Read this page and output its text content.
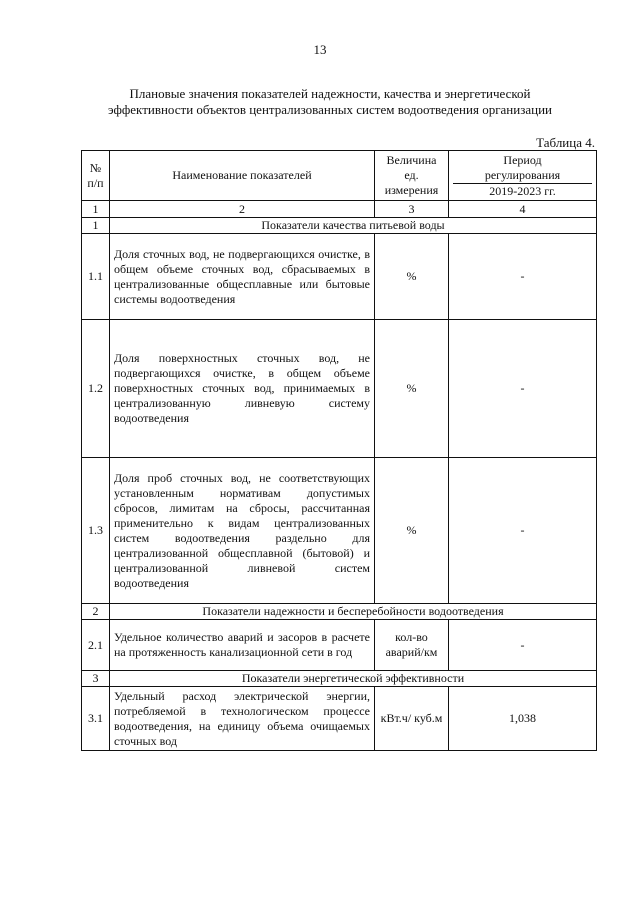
13
Плановые значения показателей надежности, качества и энергетической
эффективности объектов централизованных систем водоотведения организации
Таблица 4.
№ п/п	Наименование показателей	Величина ед. измерения	Период
регулирования
2019-2023 гг.

1	2	3	4
1	Показатели качества питьевой воды		
1.1	Доля сточных вод, не подвергающихся очистке, в общем объеме сточных вод, сбрасываемых в централизованные общесплавные или бытовые системы водоотведения	%	-
1.2	Доля поверхностных сточных вод, не подвергающихся очистке, в общем объеме поверхностных сточных вод, принимаемых в централизованную ливневую систему водоотведения	%	-
1.3	Доля проб сточных вод, не соответствующих установленным нормативам допустимых сбросов, лимитам на сбросы, рассчитанная применительно к видам централизованных систем водоотведения раздельно для централизованной общесплавной (бытовой) и централизованной ливневой систем водоотведения	%	-
2	Показатели надежности и бесперебойности водоотведения		
2.1	Удельное количество аварий и засоров в расчете на протяженность канализационной сети в год	кол-во аварий/км	-
3	Показатели энергетической эффективности		
3.1	Удельный расход электрической энергии, потребляемой в технологическом процессе водоотведения, на единицу объема очищаемых сточных вод	кВт.ч/ куб.м	1,038
